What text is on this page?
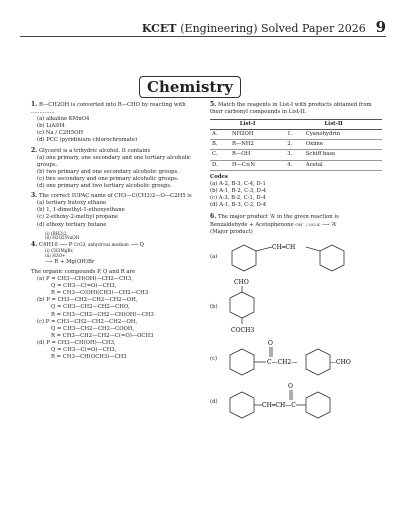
KCET (Engineering) Solved Paper 2026 9
Chemistry
1. R—CH2OH is converted into R—CHO by reacting with ..............
(a) alkaline KMnO4
(b) LiAlH4
(c) Na / C2H5OH
(d) PCC (pyridinium chlorochromate)
2. Glycerol is a trihydric alcohol. It contains
(a) one primary, one secondary and one tertiary alcoholic groups.
(b) two primary and one secondary alcoholic groups.
(c) two secondary and one primary alcoholic groups.
(d) one primary and two tertiary alcoholic groups.
3. The correct IUPAC name of CH3—C(CH3)2—O—C2H5 is
(a) tertiary butoxy ethane
(b) 1, 1-dimethyl-1-ethoxyethane
(c) 2-ethoxy-2-methyl propane
(d) ethoxy tertiary butane
(i) (BH3)2,
(ii) H2O2/NaOH
4. C4H10 ⟶ P CrO3, anhydrous medium ⟶ Q
(i) CH3MgBr,
(ii) H3O+
⟶ R + Mg(OH)Br
The organic compounds P, Q and R are
(a) P = CH3—CH(OH)—CH2—CH3,
Q = CH3—C(=O)—CH3,
R = CH3—C(OH)(CH3)—CH2—CH3
(b) P = CH3—CH2—CH2—CH2—OH,
Q = CH3—CH2—CH2—CHO,
R = CH3—CH2—CH2—CH(OH)—CH3
(c) P = CH3—CH2—CH2—CH2—OH,
Q = CH3—CH2—CH2—COOH,
R = CH3—CH2—CH2—C(=O)—OCH3
(d) P = CH3—CH(OH)—CH3,
Q = CH3—C(=O)—CH3,
R = CH3—CH(OCH3)—CH3
5. Match the reagents in List-I with products obtained from their carbonyl compounds in List-II.
List-I		List-II	
A.	NH2OH	1.	Cyanohydrin
B.	R—NH2	2.	Oxime
C.	R—OH	3.	Schiff base
D.	H—C≡N	4.	Acetal
Codes
(a) A-2, B-3, C-4, D-1
(b) A-1, B-2, C-3, D-4
(c) A-3, B-2, C-1, D-4
(d) A-1, B-3, C-2, D-4
6. The major product ‘A’ in the given reaction is
Benzaldehyde + Acetophenone OH⁻ / 293 K ⟶ ‘A’
(Major product)
(a)
CH═CH
(b)
CHO
COCH3
(c)
O
C—CH2—	—CHO
(d)
CH═CH—C
O
